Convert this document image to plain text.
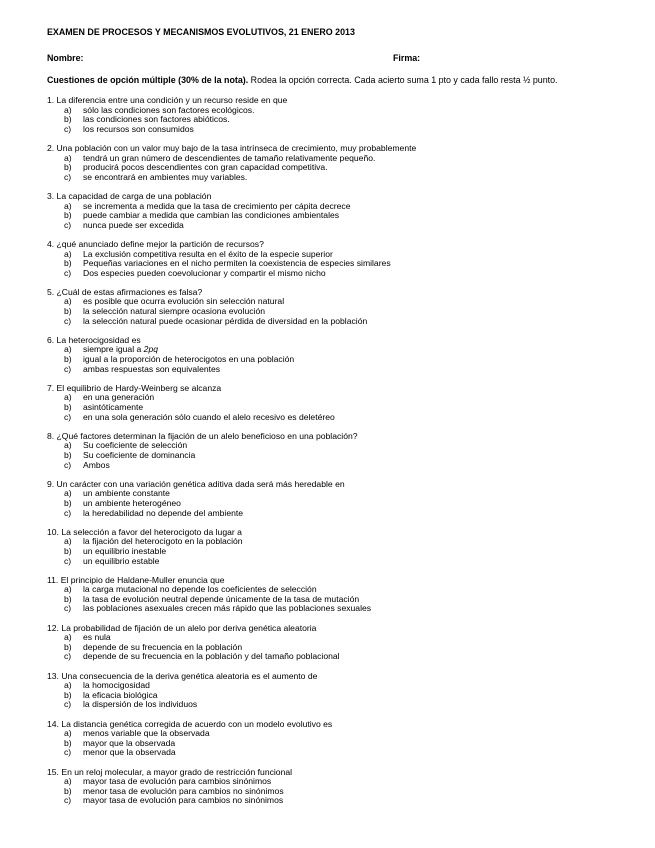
EXAMEN DE PROCESOS Y MECANISMOS EVOLUTIVOS, 21 ENERO 2013
Nombre:	Firma:
Cuestiones de opción múltiple (30% de la nota). Rodea la opción correcta. Cada acierto suma 1 pto y cada fallo resta ½ punto.
1. La diferencia entre una condición y un recurso reside en que
a) sólo las condiciones son factores ecológicos.
b) las condiciones son factores abióticos.
c) los recursos son consumidos
2. Una población con un valor muy bajo de la tasa intrínseca de crecimiento, muy probablemente
a) tendrá un gran número de descendientes de tamaño relativamente pequeño.
b) producirá pocos descendientes con gran capacidad competitiva.
c) se encontrará en ambientes muy variables.
3. La capacidad de carga de una población
a) se incrementa a medida que la tasa de crecimiento per cápita decrece
b) puede cambiar a medida que cambian las condiciones ambientales
c) nunca puede ser excedida
4. ¿qué anunciado define mejor la partición de recursos?
a) La exclusión competitiva resulta en el éxito de la especie superior
b) Pequeñas variaciones en el nicho permiten la coexistencia de especies similares
c) Dos especies pueden coevolucionar y compartir el mismo nicho
5. ¿Cuál de estas afirmaciones es falsa?
a) es posible que ocurra evolución sin selección natural
b) la selección natural siempre ocasiona evolución
c) la selección natural puede ocasionar pérdida de diversidad en la población
6. La heterocigosidad es
a) siempre igual a 2pq
b) igual a la proporción de heterocigotos en una población
c) ambas respuestas son equivalentes
7. El equilibrio de Hardy-Weinberg se alcanza
a) en una generación
b) asintóticamente
c) en una sola generación sólo cuando el alelo recesivo es deletéreo
8. ¿Qué factores determinan la fijación de un alelo beneficioso en una población?
a) Su coeficiente de selección
b) Su coeficiente de dominancia
c) Ambos
9. Un carácter con una variación genética aditiva dada será más heredable en
a) un ambiente constante
b) un ambiente heterogéneo
c) la heredabilidad no depende del ambiente
10. La selección a favor del heterocigoto da lugar a
a) la fijación del heterocigoto en la población
b) un equilibrio inestable
c) un equilibrio estable
11. El principio de Haldane-Muller enuncia que
a) la carga mutacional no depende los coeficientes de selección
b) la tasa de evolución neutral depende únicamente de la tasa de mutación
c) las poblaciones asexuales crecen más rápido que las poblaciones sexuales
12. La probabilidad de fijación de un alelo por deriva genética aleatoria
a) es nula
b) depende de su frecuencia en la población
c) depende de su frecuencia en la población y del tamaño poblacional
13. Una consecuencia de la deriva genética aleatoria es el aumento de
a) la homocigosidad
b) la eficacia biológica
c) la dispersión de los individuos
14. La distancia genética corregida de acuerdo con un modelo evolutivo es
a) menos variable que la observada
b) mayor que la observada
c) menor que la observada
15. En un reloj molecular, a mayor grado de restricción funcional
a) mayor tasa de evolución para cambios sinónimos
b) menor tasa de evolución para cambios no sinónimos
c) mayor tasa de evolución para cambios no sinónimos
